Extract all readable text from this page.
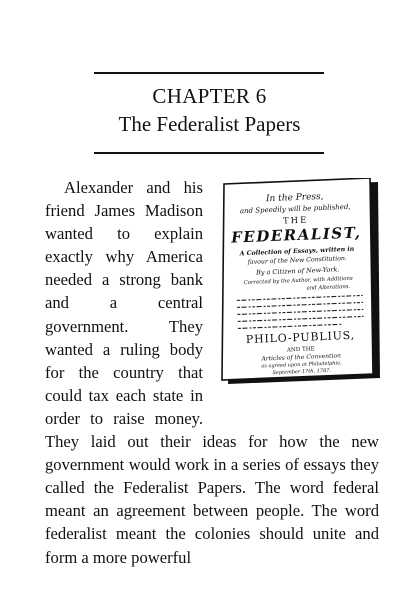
CHAPTER 6
The Federalist Papers
In the Press,
and Speedily will be published,
THE
FEDERALIST,
A Collection of Essays, written in
favour of the New Constitution.
By a Citizen of New-York.
Corrected by the Author, with Additions
and Alterations.
PHILO-PUBLIUS,
AND THE
Articles of the Convention
as agreed upon at Philadelphia,
September 17th, 1787.

Alexander and his friend James Madison wanted to explain exactly why America needed a strong bank and a central government. They wanted a ruling body for the country that could tax each state in order to raise money. They laid out their ideas for how the new government would work in a series of essays they called the Federalist Papers. The word federal meant an agreement between people. The word federalist meant the colonies should unite and form a more powerful
